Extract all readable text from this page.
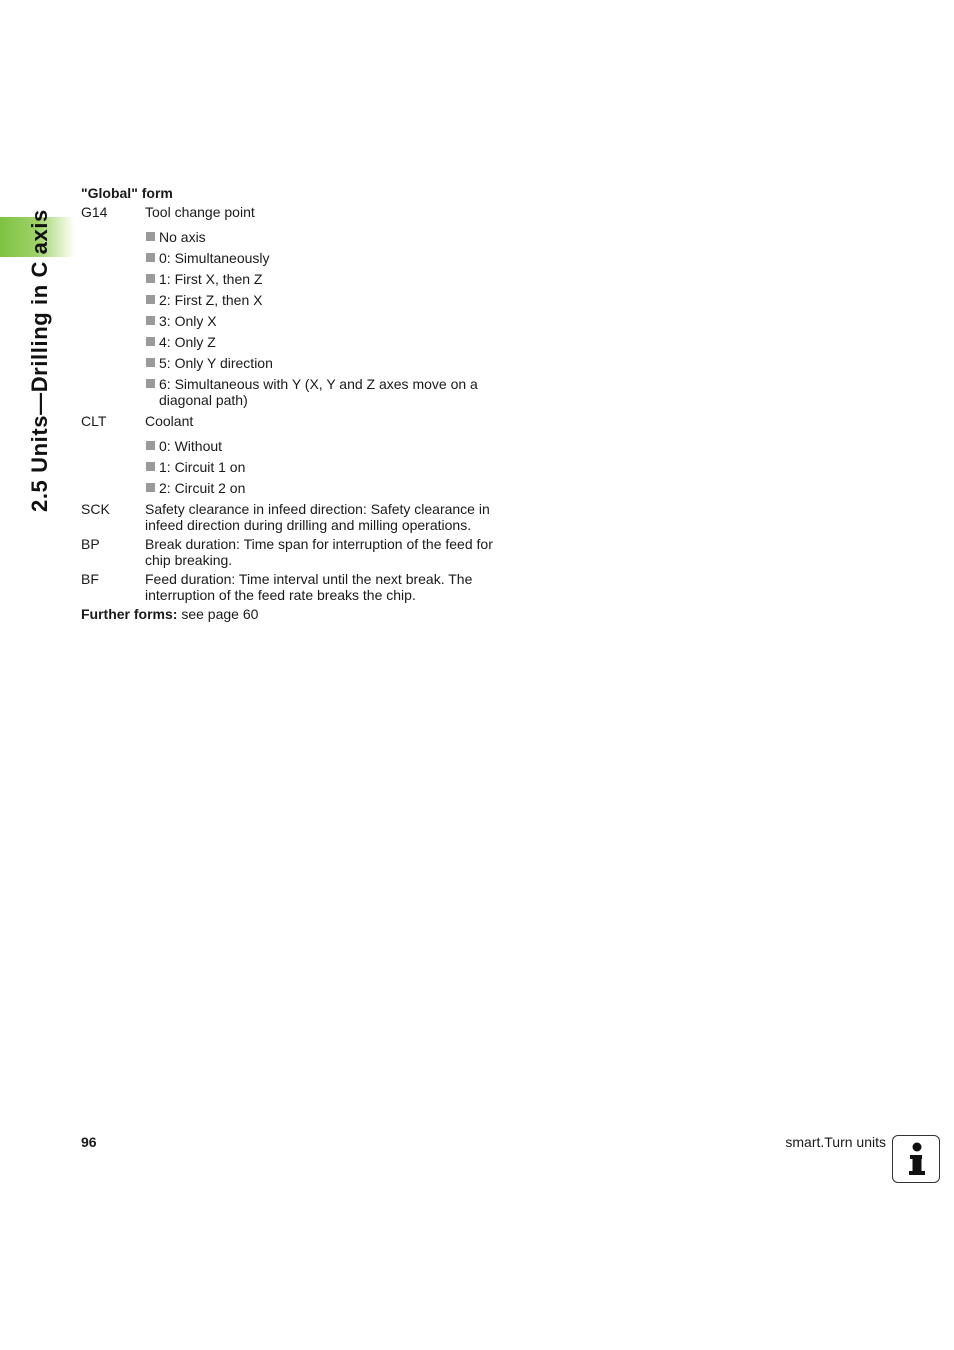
2.5 Units—Drilling in C axis
"Global" form
G14	Tool change point
No axis
0: Simultaneously
1: First X, then Z
2: First Z, then X
3: Only X
4: Only Z
5: Only Y direction
6: Simultaneous with Y (X, Y and Z axes move on a diagonal path)
CLT	Coolant
0: Without
1: Circuit 1 on
2: Circuit 2 on
SCK	Safety clearance in infeed direction: Safety clearance in infeed direction during drilling and milling operations.
BP	Break duration: Time span for interruption of the feed for chip breaking.
BF	Feed duration: Time interval until the next break. The interruption of the feed rate breaks the chip.
Further forms: see page 60
96	smart.Turn units
